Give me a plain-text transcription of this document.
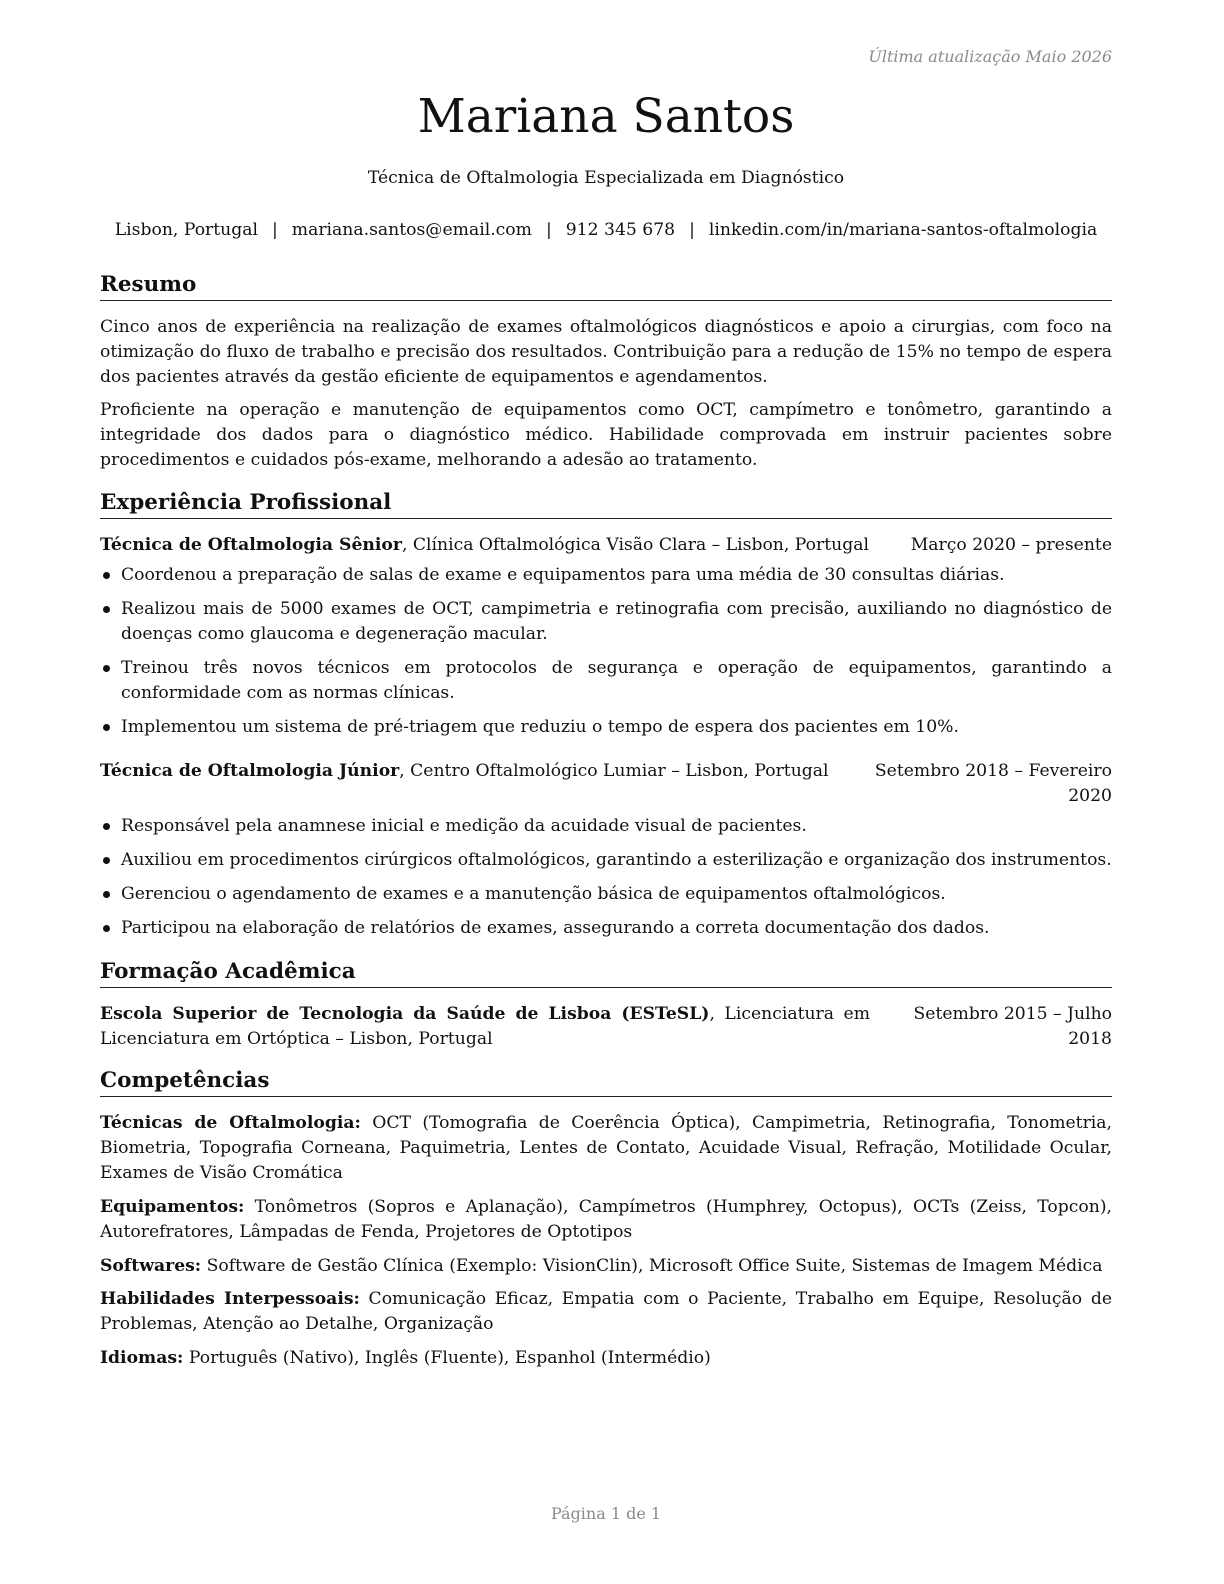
Última atualização Maio 2026
Mariana Santos
Técnica de Oftalmologia Especializada em Diagnóstico
Lisbon, Portugal | mariana.santos@email.com | 912 345 678 | linkedin.com/in/mariana-santos-oftalmologia
Resumo

Cinco anos de experiência na realização de exames oftalmológicos diagnósticos e apoio a cirurgias, com foco na otimização do fluxo de trabalho e precisão dos resultados. Contribuição para a redução de 15% no tempo de espera dos pacientes através da gestão eficiente de equipamentos e agendamentos.

Proficiente na operação e manutenção de equipamentos como OCT, campímetro e tonômetro, garantindo a integridade dos dados para o diagnóstico médico. Habilidade comprovada em instruir pacientes sobre procedimentos e cuidados pós-exame, melhorando a adesão ao tratamento.

Experiência Profissional
Técnica de Oftalmologia Sênior, Clínica Oftalmológica Visão Clara – Lisbon, Portugal	Março 2020 – presente
Coordenou a preparação de salas de exame e equipamentos para uma média de 30 consultas diárias.
Realizou mais de 5000 exames de OCT, campimetria e retinografia com precisão, auxiliando no diagnóstico de doenças como glaucoma e degeneração macular.
Treinou três novos técnicos em protocolos de segurança e operação de equipamentos, garantindo a conformidade com as normas clínicas.
Implementou um sistema de pré-triagem que reduziu o tempo de espera dos pacientes em 10%.
Técnica de Oftalmologia Júnior, Centro Oftalmológico Lumiar – Lisbon, Portugal	Setembro 2018 – Fevereiro 2020
Responsável pela anamnese inicial e medição da acuidade visual de pacientes.
Auxiliou em procedimentos cirúrgicos oftalmológicos, garantindo a esterilização e organização dos instrumentos.
Gerenciou o agendamento de exames e a manutenção básica de equipamentos oftalmológicos.
Participou na elaboração de relatórios de exames, assegurando a correta documentação dos dados.
Formação Acadêmica
Escola Superior de Tecnologia da Saúde de Lisboa (ESTeSL), Licenciatura em Licenciatura em Ortóptica – Lisbon, Portugal
Setembro 2015 – Julho 2018
Competências

Técnicas de Oftalmologia: OCT (Tomografia de Coerência Óptica), Campimetria, Retinografia, Tonometria, Biometria, Topografia Corneana, Paquimetria, Lentes de Contato, Acuidade Visual, Refração, Motilidade Ocular, Exames de Visão Cromática

Equipamentos: Tonômetros (Sopros e Aplanação), Campímetros (Humphrey, Octopus), OCTs (Zeiss, Topcon), Autorefratores, Lâmpadas de Fenda, Projetores de Optotipos

Softwares: Software de Gestão Clínica (Exemplo: VisionClin), Microsoft Office Suite, Sistemas de Imagem Médica

Habilidades Interpessoais: Comunicação Eficaz, Empatia com o Paciente, Trabalho em Equipe, Resolução de Problemas, Atenção ao Detalhe, Organização

Idiomas: Português (Nativo), Inglês (Fluente), Espanhol (Intermédio)

Página 1 de 1
